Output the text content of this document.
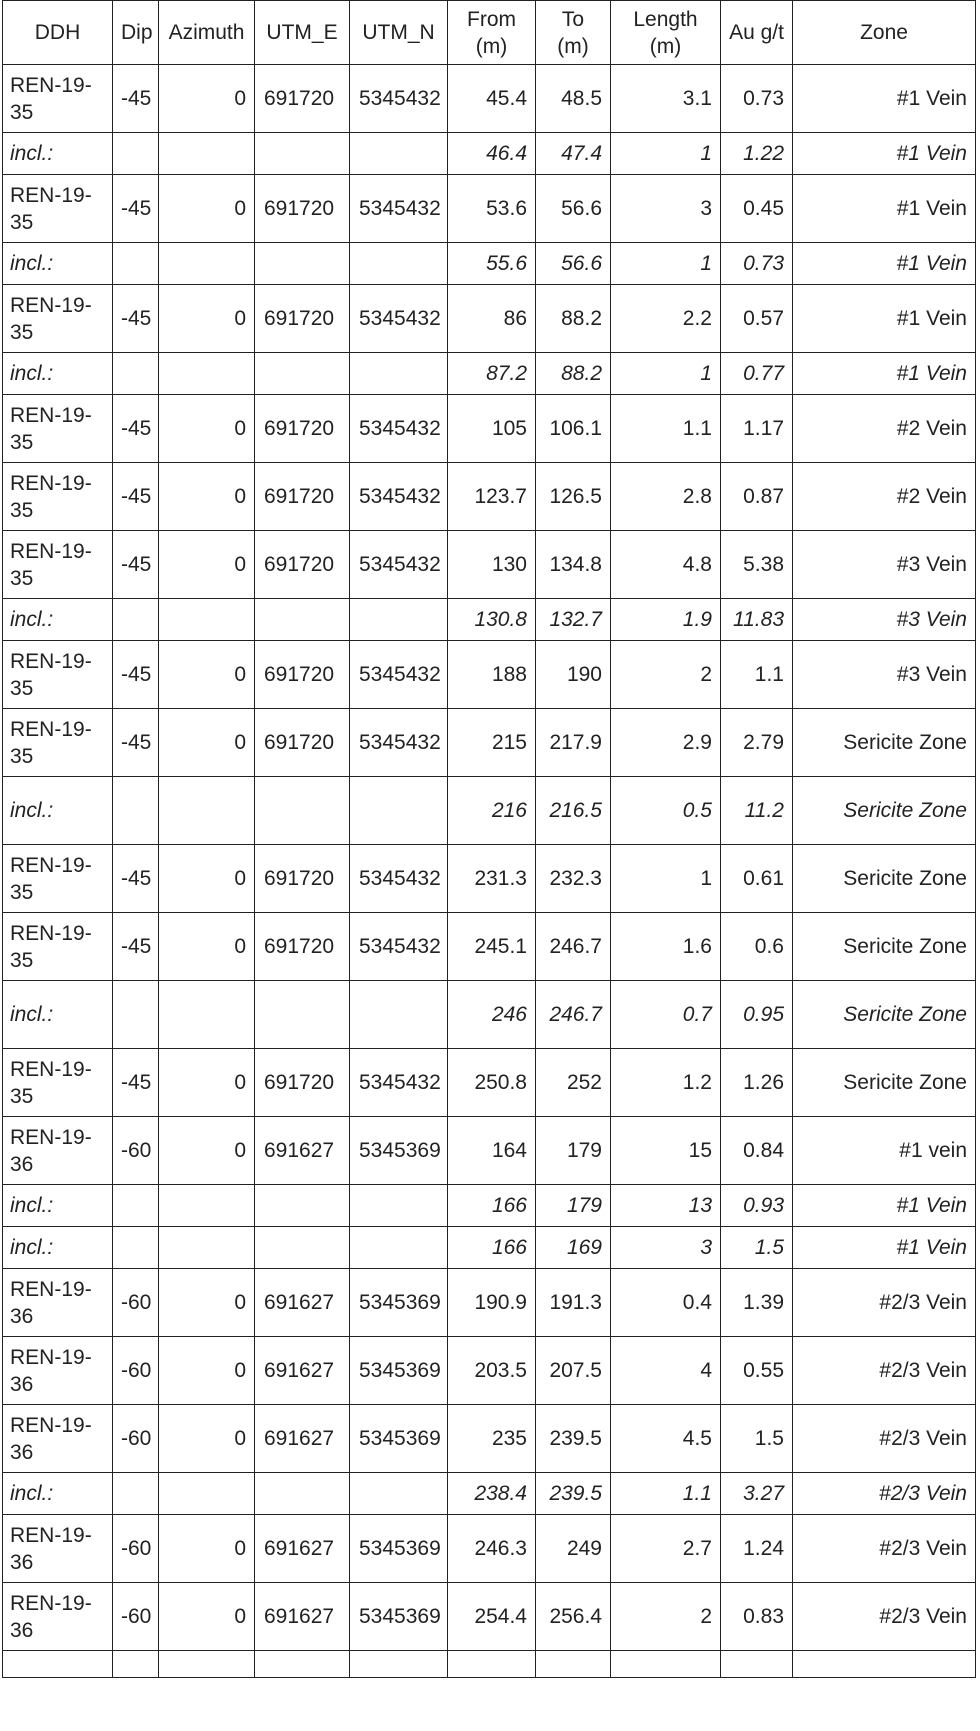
DDH	Dip	Azimuth	UTM_E	UTM_N	From (m)	To (m)	Length (m)	Au g/t	Zone
REN-19-35	-45	0	691720	5345432	45.4	48.5	3.1	0.73	#1 Vein
incl.:					46.4	47.4	1	1.22	#1 Vein
REN-19-35	-45	0	691720	5345432	53.6	56.6	3	0.45	#1 Vein
incl.:					55.6	56.6	1	0.73	#1 Vein
REN-19-35	-45	0	691720	5345432	86	88.2	2.2	0.57	#1 Vein
incl.:					87.2	88.2	1	0.77	#1 Vein
REN-19-35	-45	0	691720	5345432	105	106.1	1.1	1.17	#2 Vein
REN-19-35	-45	0	691720	5345432	123.7	126.5	2.8	0.87	#2 Vein
REN-19-35	-45	0	691720	5345432	130	134.8	4.8	5.38	#3 Vein
incl.:					130.8	132.7	1.9	11.83	#3 Vein
REN-19-35	-45	0	691720	5345432	188	190	2	1.1	#3 Vein
REN-19-35	-45	0	691720	5345432	215	217.9	2.9	2.79	Sericite Zone
incl.:					216	216.5	0.5	11.2	Sericite Zone
REN-19-35	-45	0	691720	5345432	231.3	232.3	1	0.61	Sericite Zone
REN-19-35	-45	0	691720	5345432	245.1	246.7	1.6	0.6	Sericite Zone
incl.:					246	246.7	0.7	0.95	Sericite Zone
REN-19-35	-45	0	691720	5345432	250.8	252	1.2	1.26	Sericite Zone
REN-19-36	-60	0	691627	5345369	164	179	15	0.84	#1 vein
incl.:					166	179	13	0.93	#1 Vein
incl.:					166	169	3	1.5	#1 Vein
REN-19-36	-60	0	691627	5345369	190.9	191.3	0.4	1.39	#2/3 Vein
REN-19-36	-60	0	691627	5345369	203.5	207.5	4	0.55	#2/3 Vein
REN-19-36	-60	0	691627	5345369	235	239.5	4.5	1.5	#2/3 Vein
incl.:					238.4	239.5	1.1	3.27	#2/3 Vein
REN-19-36	-60	0	691627	5345369	246.3	249	2.7	1.24	#2/3 Vein
REN-19-36	-60	0	691627	5345369	254.4	256.4	2	0.83	#2/3 Vein
